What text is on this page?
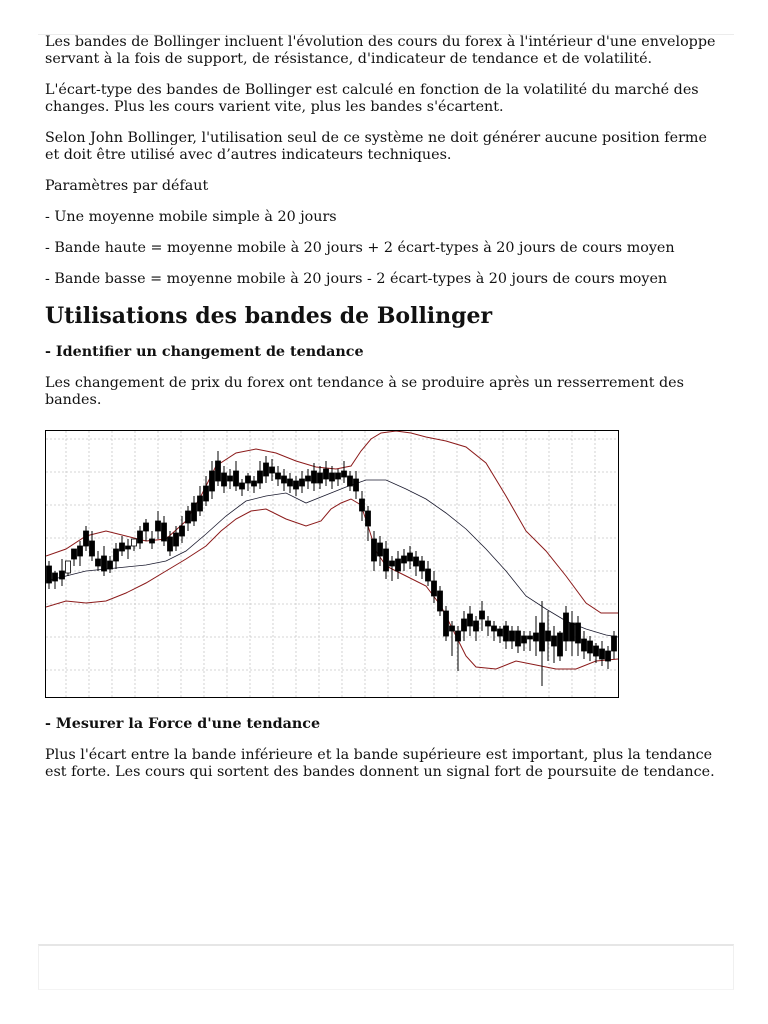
Les bandes de Bollinger incluent l'évolution des cours du forex à l'intérieur d'une enveloppe servant à la fois de support, de résistance, d'indicateur de tendance et de volatilité.

L'écart-type des bandes de Bollinger est calculé en fonction de la volatilité du marché des changes. Plus les cours varient vite, plus les bandes s'écartent.

Selon John Bollinger, l'utilisation seul de ce système ne doit générer aucune position ferme et doit être utilisé avec d’autres indicateurs techniques.

Paramètres par défaut

- Une moyenne mobile simple à 20 jours

- Bande haute = moyenne mobile à 20 jours + 2 écart-types à 20 jours de cours moyen

- Bande basse = moyenne mobile à 20 jours - 2 écart-types à 20 jours de cours moyen

Utilisations des bandes de Bollinger

- Identifier un changement de tendance

Les changement de prix du forex ont tendance à se produire après un resserrement des bandes.

- Mesurer la Force d'une tendance

Plus l'écart entre la bande inférieure et la bande supérieure est important, plus la tendance est forte. Les cours qui sortent des bandes donnent un signal fort de poursuite de tendance.
